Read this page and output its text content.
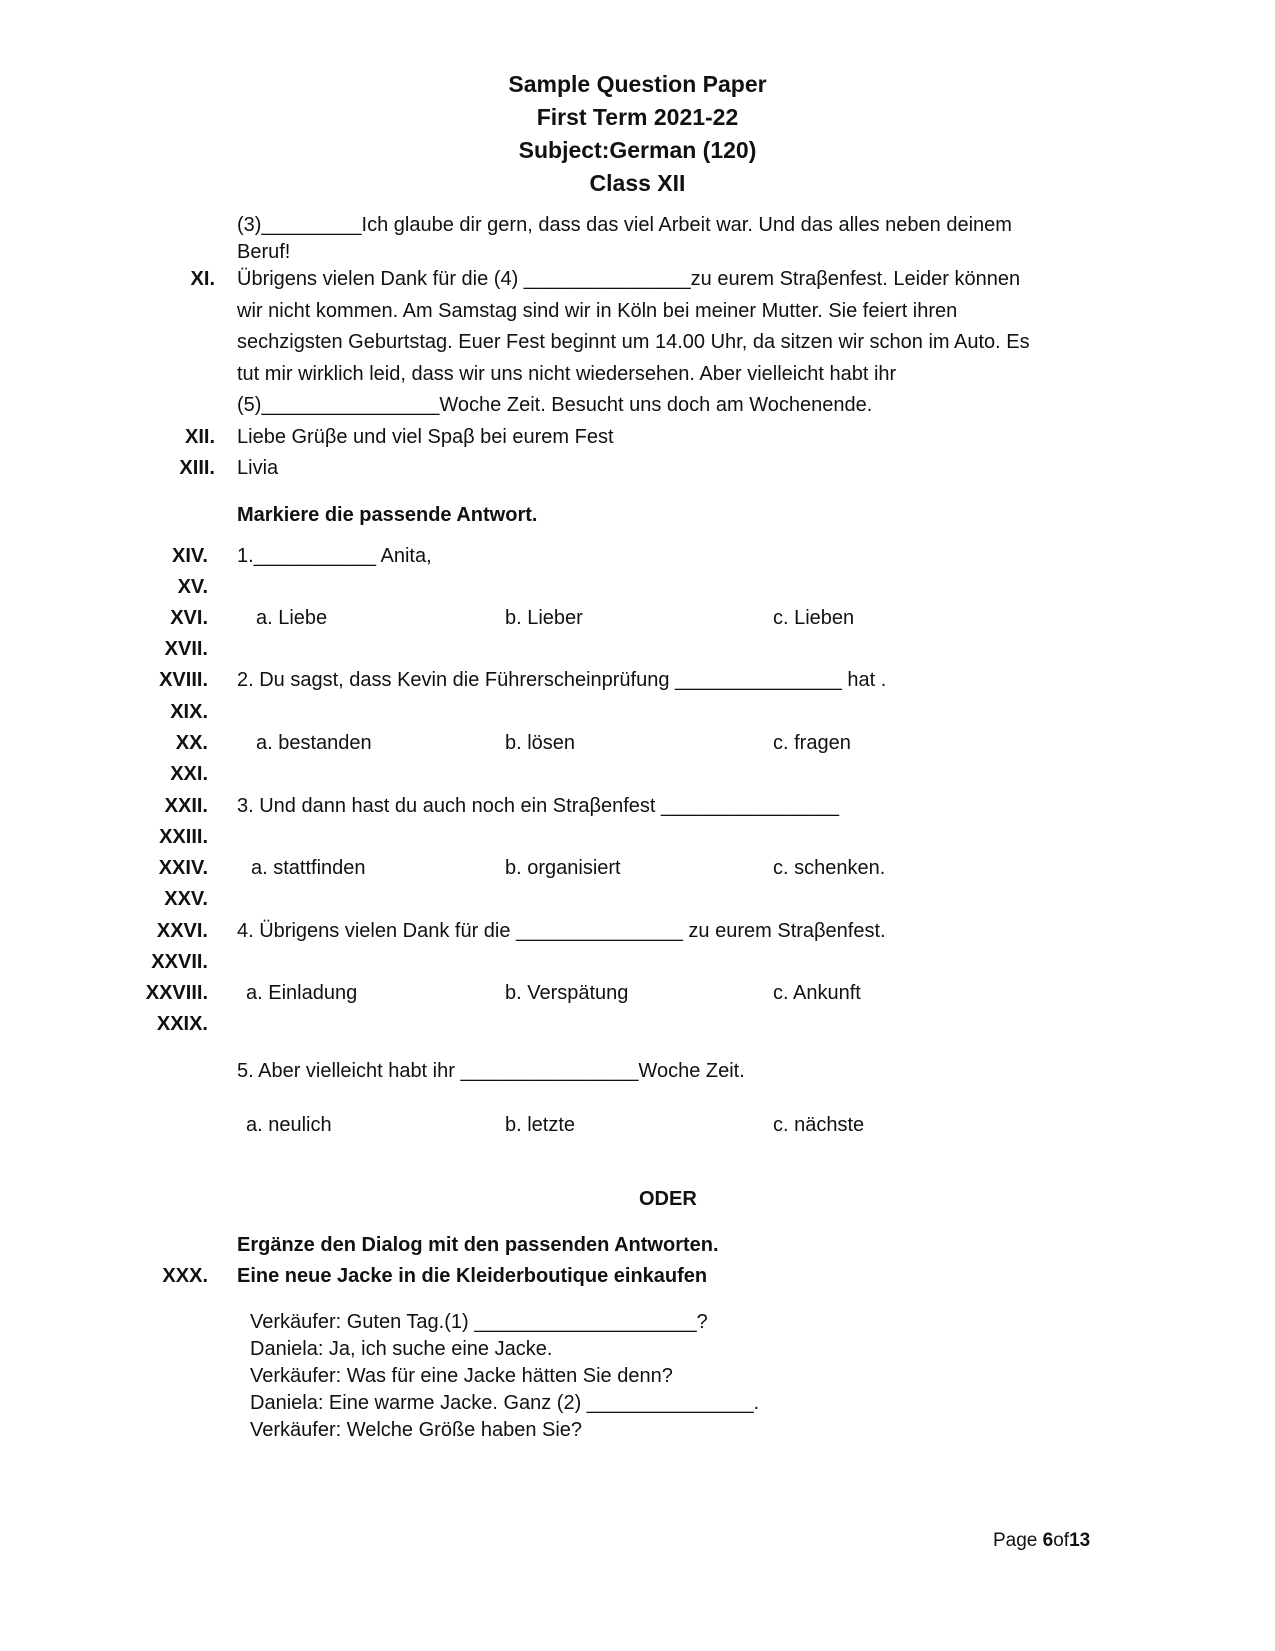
Sample Question Paper
First Term 2021-22
Subject:German (120)
Class XII
(3)_________Ich glaube dir gern, dass das viel Arbeit war. Und das alles neben deinem
Beruf!
Übrigens vielen Dank für die (4) _______________zu eurem Straβenfest. Leider können
wir nicht kommen. Am Samstag sind wir in Köln bei meiner Mutter. Sie feiert ihren
sechzigsten Geburtstag. Euer Fest beginnt um 14.00 Uhr, da sitzen wir schon im Auto. Es
tut mir wirklich leid, dass wir uns nicht wiedersehen. Aber vielleicht habt ihr
(5)________________Woche Zeit. Besucht uns doch am Wochenende.
Liebe Grüβe und viel Spaβ bei eurem Fest
Livia
XI.
XII.
XIII.
XIV.
XV.
XVI.
XVII.
XVIII.
XIX.
XX.
XXI.
XXII.
XXIII.
XXIV.
XXV.
XXVI.
XXVII.
XXVIII.
XXIX.
XXX.
Markiere die passende Antwort.
1.___________ Anita,
a. Liebe	b. Lieber	c. Lieben
2. Du sagst, dass Kevin die Führerscheinprüfung _______________ hat .
a. bestanden	b. lösen	c. fragen
3. Und dann hast du auch noch ein Straβenfest ________________
a. stattfinden	b. organisiert	c. schenken.
4. Übrigens vielen Dank für die _______________ zu eurem Straβenfest.
a. Einladung	b. Verspätung	c. Ankunft
5. Aber vielleicht habt ihr ________________Woche Zeit.
a. neulich	b. letzte	c. nächste
ODER
Ergänze den Dialog mit den passenden Antworten.
Eine neue Jacke in die Kleiderboutique einkaufen
Verkäufer: Guten Tag.(1) ____________________?
Daniela: Ja, ich suche eine Jacke.
Verkäufer: Was für eine Jacke hätten Sie denn?
Daniela: Eine warme Jacke. Ganz (2) _______________.
Verkäufer: Welche Größe haben Sie?
Page 6of13
